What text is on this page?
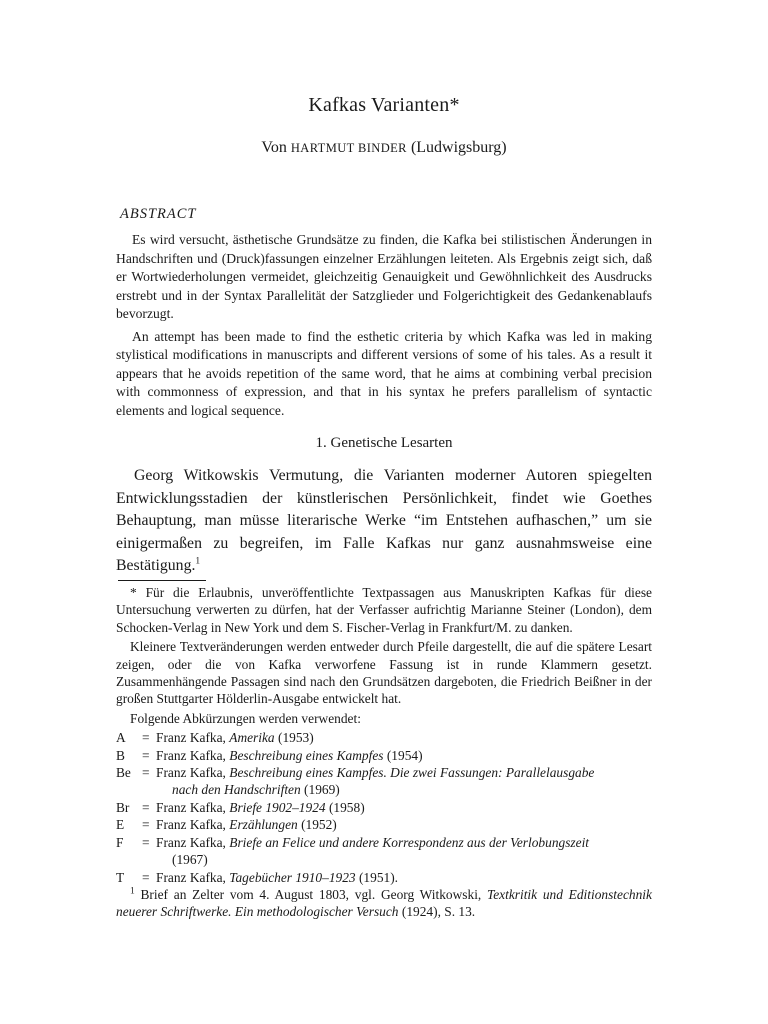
Kafkas Varianten*
Von HARTMUT BINDER (Ludwigsburg)
ABSTRACT

Es wird versucht, ästhetische Grundsätze zu finden, die Kafka bei stilistischen Änderungen in Handschriften und (Druck)fassungen einzelner Erzählungen leiteten. Als Ergebnis zeigt sich, daß er Wortwiederholungen vermeidet, gleichzeitig Genauigkeit und Gewöhnlichkeit des Ausdrucks erstrebt und in der Syntax Parallelität der Satzglieder und Folgerichtigkeit des Gedankenablaufs bevorzugt.

An attempt has been made to find the esthetic criteria by which Kafka was led in making stylistical modifications in manuscripts and different versions of some of his tales. As a result it appears that he avoids repetition of the same word, that he aims at combining verbal precision with commonness of expression, and that in his syntax he prefers parallelism of syntactic elements and logical sequence.

1. Genetische Lesarten

Georg Witkowskis Vermutung, die Varianten moderner Autoren spiegelten Entwicklungsstadien der künstlerischen Persönlichkeit, findet wie Goethes Behauptung, man müsse literarische Werke “im Entstehen aufhaschen,” um sie einigermaßen zu begreifen, im Falle Kafkas nur ganz ausnahmsweise eine Bestätigung.$^1$

* Für die Erlaubnis, unveröffentlichte Textpassagen aus Manuskripten Kafkas für diese Untersuchung verwerten zu dürfen, hat der Verfasser aufrichtig Marianne Steiner (London), dem Schocken-Verlag in New York und dem S. Fischer-Verlag in Frankfurt/M. zu danken.

Kleinere Textveränderungen werden entweder durch Pfeile dargestellt, die auf die spätere Lesart zeigen, oder die von Kafka verworfene Fassung ist in runde Klammern gesetzt. Zusammenhängende Passagen sind nach den Grundsätzen dargeboten, die Friedrich Beißner in der großen Stuttgarter Hölderlin-Ausgabe entwickelt hat.

Folgende Abkürzungen werden verwendet:

A	= Franz Kafka, Amerika (1953)
B	= Franz Kafka, Beschreibung eines Kampfes (1954)
Be = Franz Kafka, Beschreibung eines Kampfes. Die zwei Fassungen: Parallelausgabe
nach den Handschriften (1969)
Br = Franz Kafka, Briefe 1902–1924 (1958)
E	= Franz Kafka, Erzählungen (1952)
F	= Franz Kafka, Briefe an Felice und andere Korrespondenz aus der Verlobungszeit
(1967)
T	= Franz Kafka, Tagebücher 1910–1923 (1951).

$^1$ Brief an Zelter vom 4. August 1803, vgl. Georg Witkowski, Textkritik und Editionstechnik neuerer Schriftwerke. Ein methodologischer Versuch (1924), S. 13.
